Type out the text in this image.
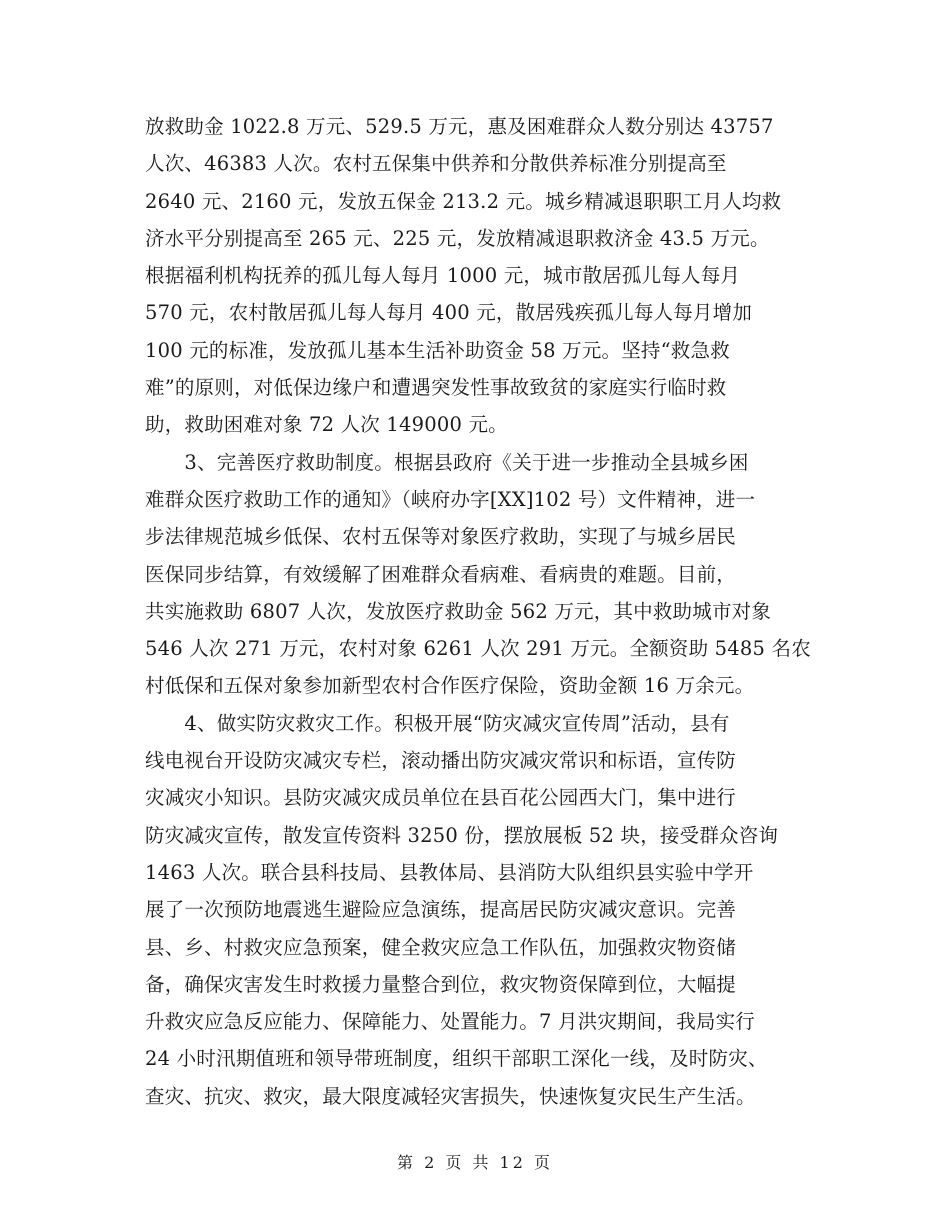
放救助金 1022.8 万元、529.5 万元，惠及困难群众人数分别达 43757
人次、46383 人次。农村五保集中供养和分散供养标准分别提高至
2640 元、2160 元，发放五保金 213.2 元。城乡精减退职职工月人均救
济水平分别提高至 265 元、225 元，发放精减退职救济金 43.5 万元。
根据福利机构抚养的孤儿每人每月 1000 元，城市散居孤儿每人每月
570 元，农村散居孤儿每人每月 400 元，散居残疾孤儿每人每月增加
100 元的标准，发放孤儿基本生活补助资金 58 万元。坚持“救急救
难”的原则，对低保边缘户和遭遇突发性事故致贫的家庭实行临时救
助，救助困难对象 72 人次 149000 元。
　　3、完善医疗救助制度。根据县政府《关于进一步推动全县城乡困
难群众医疗救助工作的通知》（峡府办字[XX]102 号）文件精神，进一
步法律规范城乡低保、农村五保等对象医疗救助，实现了与城乡居民
医保同步结算，有效缓解了困难群众看病难、看病贵的难题。目前，
共实施救助 6807 人次，发放医疗救助金 562 万元，其中救助城市对象
546 人次 271 万元，农村对象 6261 人次 291 万元。全额资助 5485 名农
村低保和五保对象参加新型农村合作医疗保险，资助金额 16 万余元。
　　4、做实防灾救灾工作。积极开展“防灾减灾宣传周”活动，县有
线电视台开设防灾减灾专栏，滚动播出防灾减灾常识和标语，宣传防
灾减灾小知识。县防灾减灾成员单位在县百花公园西大门，集中进行
防灾减灾宣传，散发宣传资料 3250 份，摆放展板 52 块，接受群众咨询
1463 人次。联合县科技局、县教体局、县消防大队组织县实验中学开
展了一次预防地震逃生避险应急演练，提高居民防灾减灾意识。完善
县、乡、村救灾应急预案，健全救灾应急工作队伍，加强救灾物资储
备，确保灾害发生时救援力量整合到位，救灾物资保障到位，大幅提
升救灾应急反应能力、保障能力、处置能力。7 月洪灾期间，我局实行
24 小时汛期值班和领导带班制度，组织干部职工深化一线，及时防灾、
查灾、抗灾、救灾，最大限度减轻灾害损失，快速恢复灾民生产生活。
第 2 页 共 12 页
